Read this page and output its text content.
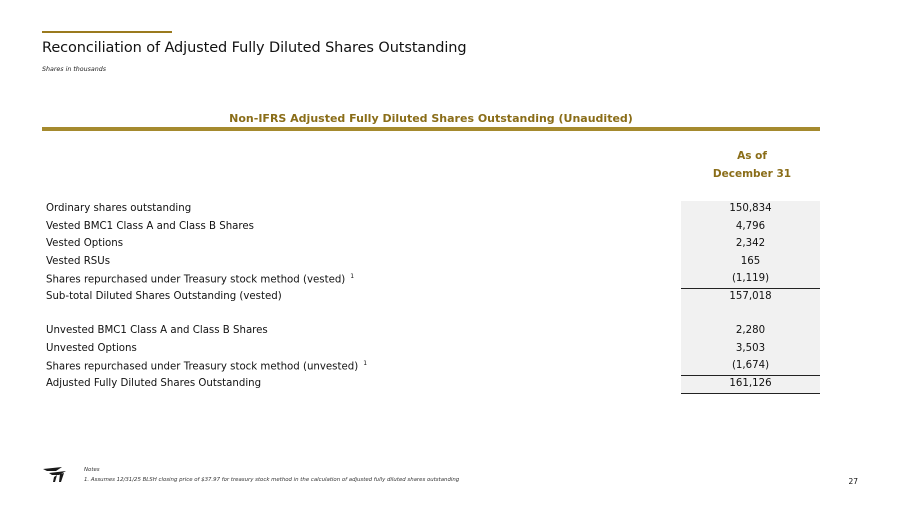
Reconciliation of Adjusted Fully Diluted Shares Outstanding
Shares in thousands
Non-IFRS Adjusted Fully Diluted Shares Outstanding (Unaudited)
As of
December 31
Ordinary shares outstanding	150,834
Vested BMC1 Class A and Class B Shares	4,796
Vested Options	2,342
Vested RSUs	165
Shares repurchased under Treasury stock method (vested) $^1$	(1,119)
Sub-total Diluted Shares Outstanding (vested)	157,018
Unvested BMC1 Class A and Class B Shares	2,280
Unvested Options	3,503
Shares repurchased under Treasury stock method (unvested) $^1$	(1,674)
Adjusted Fully Diluted Shares Outstanding	161,126
Notes
1. Assumes 12/31/25 BLSH closing price of $37.97 for treasury stock method in the calculation of adjusted fully diluted shares outstanding	27
